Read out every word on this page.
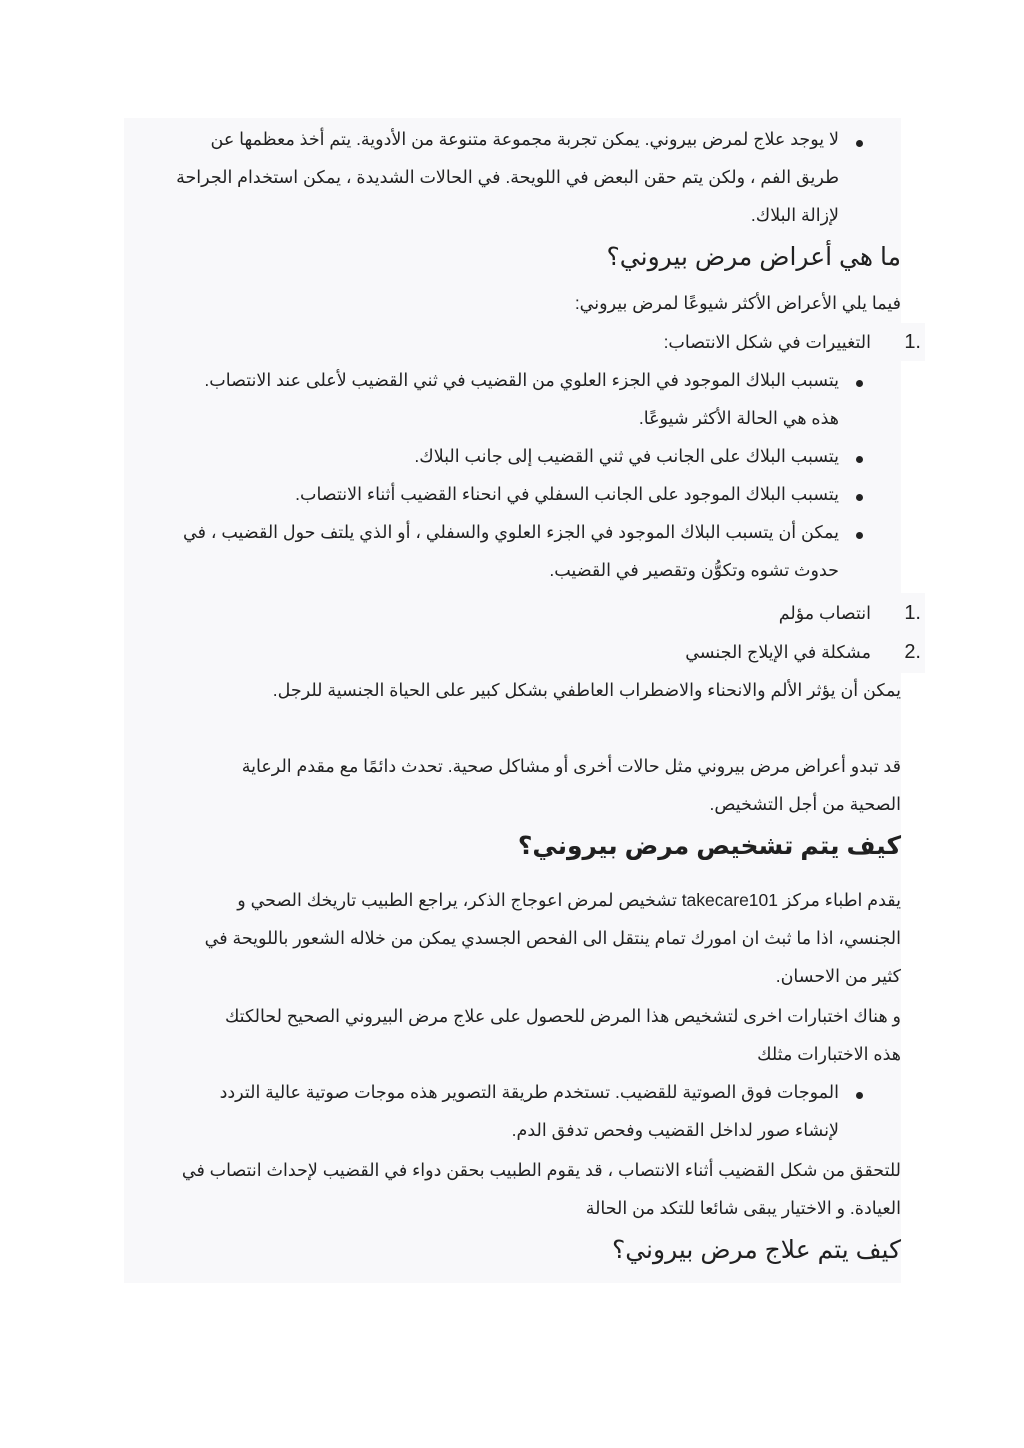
لا يوجد علاج لمرض بيروني. يمكن تجربة مجموعة متنوعة من الأدوية. يتم أخذ معظمها عن
طريق الفم ، ولكن يتم حقن البعض في اللويحة. في الحالات الشديدة ، يمكن استخدام الجراحة
لإزالة البلاك.
ما هي أعراض مرض بيروني؟
فيما يلي الأعراض الأكثر شيوعًا لمرض بيروني:
1.
التغييرات في شكل الانتصاب:
يتسبب البلاك الموجود في الجزء العلوي من القضيب في ثني القضيب لأعلى عند الانتصاب.
هذه هي الحالة الأكثر شيوعًا.
يتسبب البلاك على الجانب في ثني القضيب إلى جانب البلاك.
يتسبب البلاك الموجود على الجانب السفلي في انحناء القضيب أثناء الانتصاب.
يمكن أن يتسبب البلاك الموجود في الجزء العلوي والسفلي ، أو الذي يلتف حول القضيب ، في
حدوث تشوه وتكوُّن وتقصير في القضيب.
1.
انتصاب مؤلم
2.
مشكلة في الإيلاج الجنسي
يمكن أن يؤثر الألم والانحناء والاضطراب العاطفي بشكل كبير على الحياة الجنسية للرجل.
قد تبدو أعراض مرض بيروني مثل حالات أخرى أو مشاكل صحية. تحدث دائمًا مع مقدم الرعاية
الصحية من أجل التشخيص.
كيف يتم تشخيص مرض بيروني؟
يقدم اطباء مركز takecare101 تشخيص لمرض اعوجاج الذكر، يراجع الطبيب تاريخك الصحي و
الجنسي، اذا ما ثبث ان امورك تمام ينتقل الى الفحص الجسدي يمكن من خلاله الشعور باللويحة في
كثير من الاحسان.
و هناك اختبارات اخرى لتشخيص هذا المرض للحصول على علاج مرض البيروني الصحيح لحالكتك
هذه الاختبارات مثلك
الموجات فوق الصوتية للقضيب. تستخدم طريقة التصوير هذه موجات صوتية عالية التردد
لإنشاء صور لداخل القضيب وفحص تدفق الدم.
للتحقق من شكل القضيب أثناء الانتصاب ، قد يقوم الطبيب بحقن دواء في القضيب لإحداث انتصاب في
العيادة. و الاختيار يبقى شائعا للتكد من الحالة
كيف يتم علاج مرض بيروني؟
